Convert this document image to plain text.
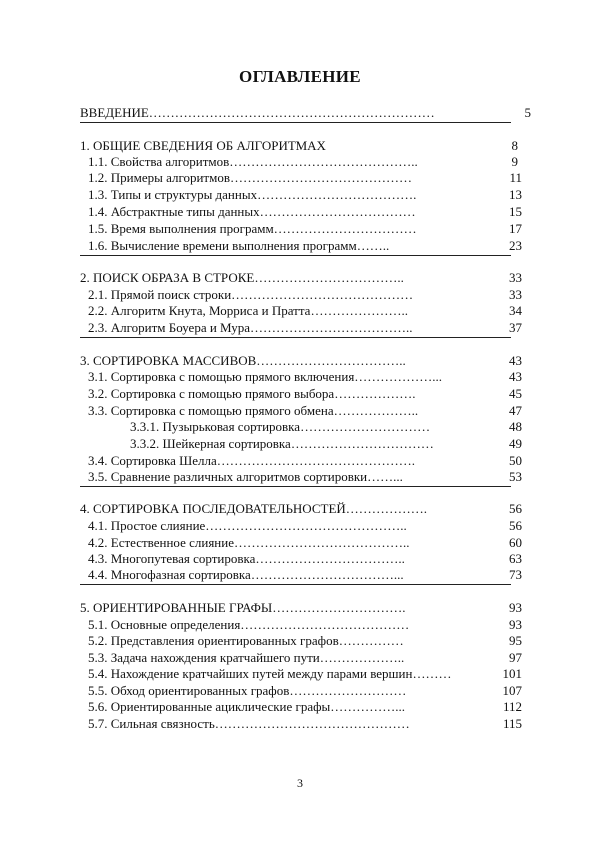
ОГЛАВЛЕНИЕ
ВВЕДЕНИЕ…………………………………………………………	5
1. ОБЩИЕ СВЕДЕНИЯ ОБ АЛГОРИТМАХ	8
1.1. Свойства алгоритмов……………………………………..	9
1.2. Примеры алгоритмов……………………………………	11
1.3. Типы и структуры данных……………………………….	13
1.4. Абстрактные типы данных………………………………	15
1.5. Время выполнения программ……………………………	17
1.6. Вычисление времени выполнения программ……..	23
2. ПОИСК ОБРАЗА В СТРОКЕ……………………………..	33
2.1. Прямой поиск строки……………………………………	33
2.2. Алгоритм Кнута, Морриса и Пратта…………………..	34
2.3. Алгоритм Боуера и Мура………………………………..	37
3. СОРТИРОВКА МАССИВОВ……………………………..	43
3.1. Сортировка с помощью прямого включения………………...	43
3.2. Сортировка с помощью прямого выбора……………….	45
3.3. Сортировка с помощью прямого обмена………………..	47
3.3.1. Пузырьковая сортировка…………………………	48
3.3.2. Шейкерная сортировка……………………………	49
3.4. Сортировка Шелла……………………………………….	50
3.5. Сравнение различных алгоритмов сортировки……...	53
4. СОРТИРОВКА ПОСЛЕДОВАТЕЛЬНОСТЕЙ……………….	56
4.1. Простое слияние………………………………………..	56
4.2. Естественное слияние…………………………………..	60
4.3. Многопутевая сортировка……………………………..	63
4.4. Многофазная сортировка……………………………...	73
5. ОРИЕНТИРОВАННЫЕ ГРАФЫ………………………….	93
5.1. Основные определения…………………………………	93
5.2. Представления ориентированных графов……………	95
5.3. Задача нахождения кратчайшего пути………………..	97
5.4. Нахождение кратчайших путей между парами вершин………	101
5.5. Обход ориентированных графов………………………	107
5.6. Ориентированные ациклические графы……………...	112
5.7. Сильная связность………………………………………	115
3
